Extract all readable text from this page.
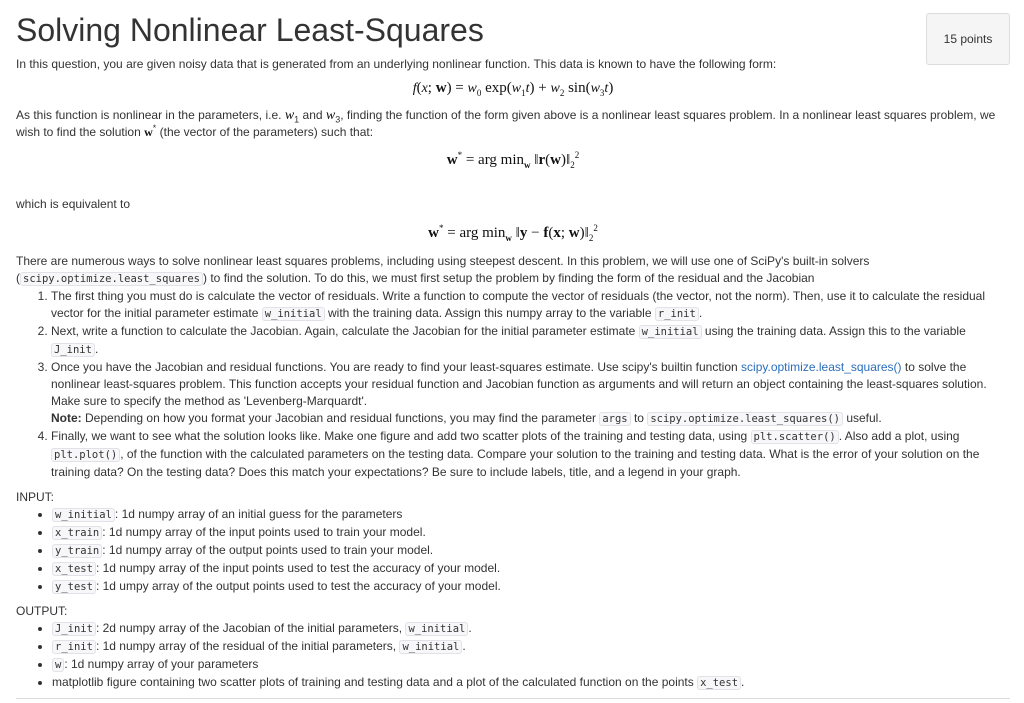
15 points
Solving Nonlinear Least-Squares

In this question, you are given noisy data that is generated from an underlying nonlinear function. This data is known to have the following form:

f(x; $w) = w_0$ $\exp(w_1t) + w_2$ $\sin(w_3t)$

As this function is nonlinear in the parameters, i.e. $w_1$ and $w_3$, finding the function of the form given above is a nonlinear least squares problem. In a nonlinear least squares problem, we wish to find the solution w* (the vector of the parameters) such that:

w* = arg $\min_w$ $‖r(w)‖_2^2$

which is equivalent to

w* = arg $\min_w$ ‖y − f(x; $w)‖_2^2$

There are numerous ways to solve nonlinear least squares problems, including using steepest descent. In this problem, we will use one of SciPy's built-in solvers
( scipy.optimize.least_squares ) to find the solution. To do this, we must first setup the problem by finding the form of the residual and the Jacobian

1. The first thing you must do is calculate the vector of residuals. Write a function to compute the vector of residuals (the vector, not the norm). Then, use it to calculate the residual vector for the initial parameter estimate w_initial with the training data. Assign this numpy array to the variable r_init .
2. Next, write a function to calculate the Jacobian. Again, calculate the Jacobian for the initial parameter estimate w_initial using the training data. Assign this to the variable J_init .
3. Once you have the Jacobian and residual functions. You are ready to find your least-squares estimate. Use scipy's builtin function scipy.optimize.least_squares() to solve the nonlinear least-squares problem. This function accepts your residual function and Jacobian function as arguments and will return an object containing the least-squares solution. Make sure to specify the method as 'Levenberg-Marquardt'.
Note: Depending on how you format your Jacobian and residual functions, you may find the parameter args to scipy.optimize.least_squares() useful.
4. Finally, we want to see what the solution looks like. Make one figure and add two scatter plots of the training and testing data, using plt.scatter() . Also add a plot, using
plt.plot() , of the function with the calculated parameters on the testing data. Compare your solution to the training and testing data. What is the error of your solution on the training data? On the testing data? Does this match your expectations? Be sure to include labels, title, and a legend in your graph.

INPUT:

• w_initial : 1d numpy array of an initial guess for the parameters
• x_train : 1d numpy array of the input points used to train your model.
• y_train : 1d numpy array of the output points used to train your model.
• x_test : 1d numpy array of the input points used to test the accuracy of your model.
• y_test : 1d umpy array of the output points used to test the accuracy of your model.

OUTPUT:

• J_init : 2d numpy array of the Jacobian of the initial parameters, w_initial .
• r_init : 1d numpy array of the residual of the initial parameters, w_initial .
• w : 1d numpy array of your parameters
• matplotlib figure containing two scatter plots of training and testing data and a plot of the calculated function on the points x_test .
